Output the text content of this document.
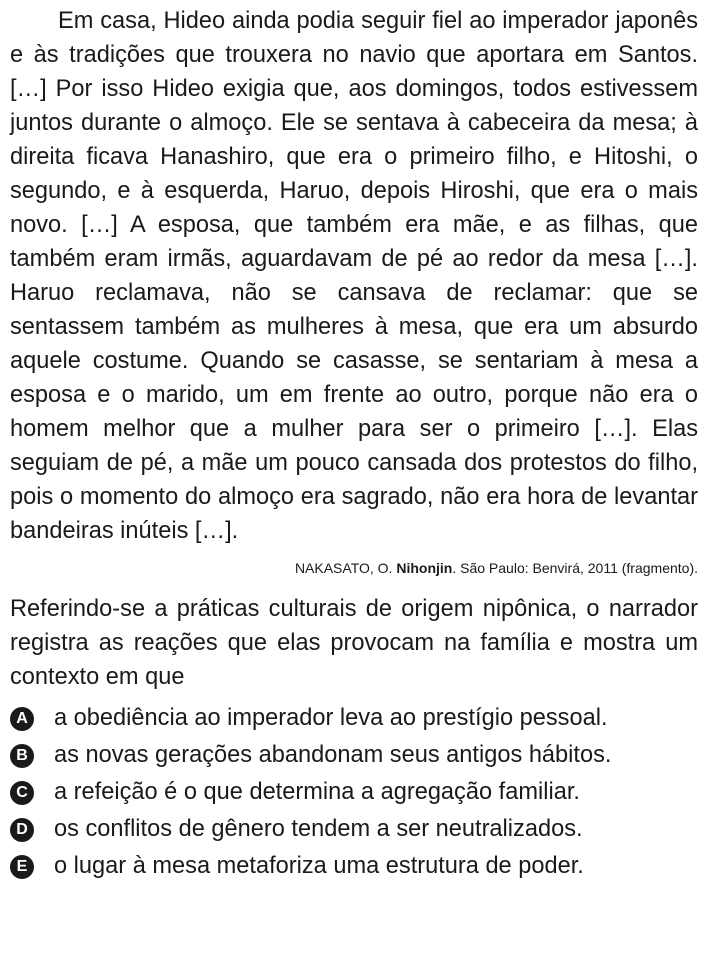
Em casa, Hideo ainda podia seguir fiel ao imperador japonês e às tradições que trouxera no navio que aportara em Santos. […] Por isso Hideo exigia que, aos domingos, todos estivessem juntos durante o almoço. Ele se sentava à cabeceira da mesa; à direita ficava Hanashiro, que era o primeiro filho, e Hitoshi, o segundo, e à esquerda, Haruo, depois Hiroshi, que era o mais novo. […] A esposa, que também era mãe, e as filhas, que também eram irmãs, aguardavam de pé ao redor da mesa […]. Haruo reclamava, não se cansava de reclamar: que se sentassem também as mulheres à mesa, que era um absurdo aquele costume. Quando se casasse, se sentariam à mesa a esposa e o marido, um em frente ao outro, porque não era o homem melhor que a mulher para ser o primeiro […]. Elas seguiam de pé, a mãe um pouco cansada dos protestos do filho, pois o momento do almoço era sagrado, não era hora de levantar bandeiras inúteis […].

NAKASATO, O. Nihonjin. São Paulo: Benvirá, 2011 (fragmento).

Referindo-se a práticas culturais de origem nipônica, o narrador registra as reações que elas provocam na família e mostra um contexto em que

A a obediência ao imperador leva ao prestígio pessoal.
B as novas gerações abandonam seus antigos hábitos.
C a refeição é o que determina a agregação familiar.
D os conflitos de gênero tendem a ser neutralizados.
E o lugar à mesa metaforiza uma estrutura de poder.
